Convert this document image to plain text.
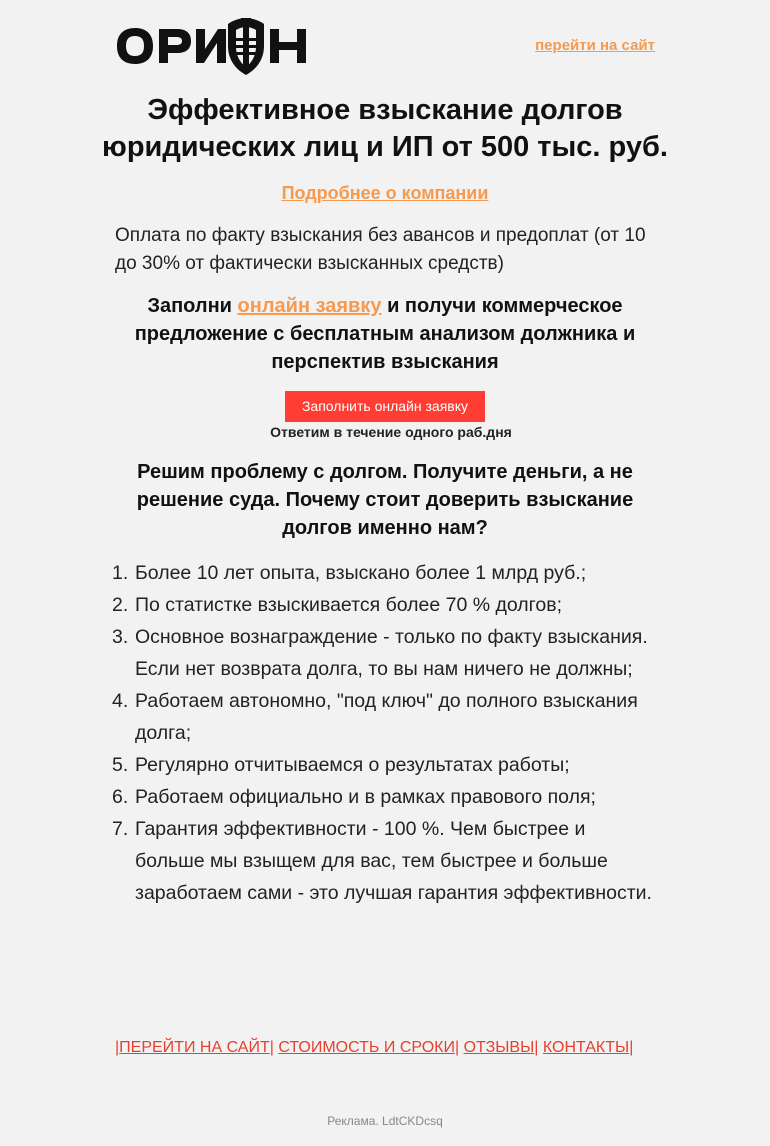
перейти на сайт
Эффективное взыскание долгов
юридических лиц и ИП от 500 тыс. руб.
Подробнее о компании

Оплата по факту взыскания без авансов и предоплат (от 10 до 30% от фактически взысканных средств)

Заполни онлайн заявку и получи коммерческое предложение с бесплатным анализом должника и перспектив взыскания

Заполнить онлайн заявку
Ответим в течение одного раб.дня

Решим проблему с долгом. Получите деньги, а не решение суда. Почему стоит доверить взыскание долгов именно нам?

1. Более 10 лет опыта, взыскано более 1 млрд руб.;
2. По статистке взыскивается более 70 % долгов;
3. Основное вознаграждение - только по факту взыскания. Если нет возврата долга, то вы нам ничего не должны;
4. Работаем автономно, "под ключ" до полного взыскания долга;
5. Регулярно отчитываемся о результатах работы;
6. Работаем официально и в рамках правового поля;
7. Гарантия эффективности - 100 %. Чем быстрее и больше мы взыщем для вас, тем быстрее и больше заработаем сами - это лучшая гарантия эффективности.
|ПЕРЕЙТИ НА САЙТ| СТОИМОСТЬ И СРОКИ| ОТЗЫВЫ| КОНТАКТЫ|
Реклама. LdtCKDcsq
